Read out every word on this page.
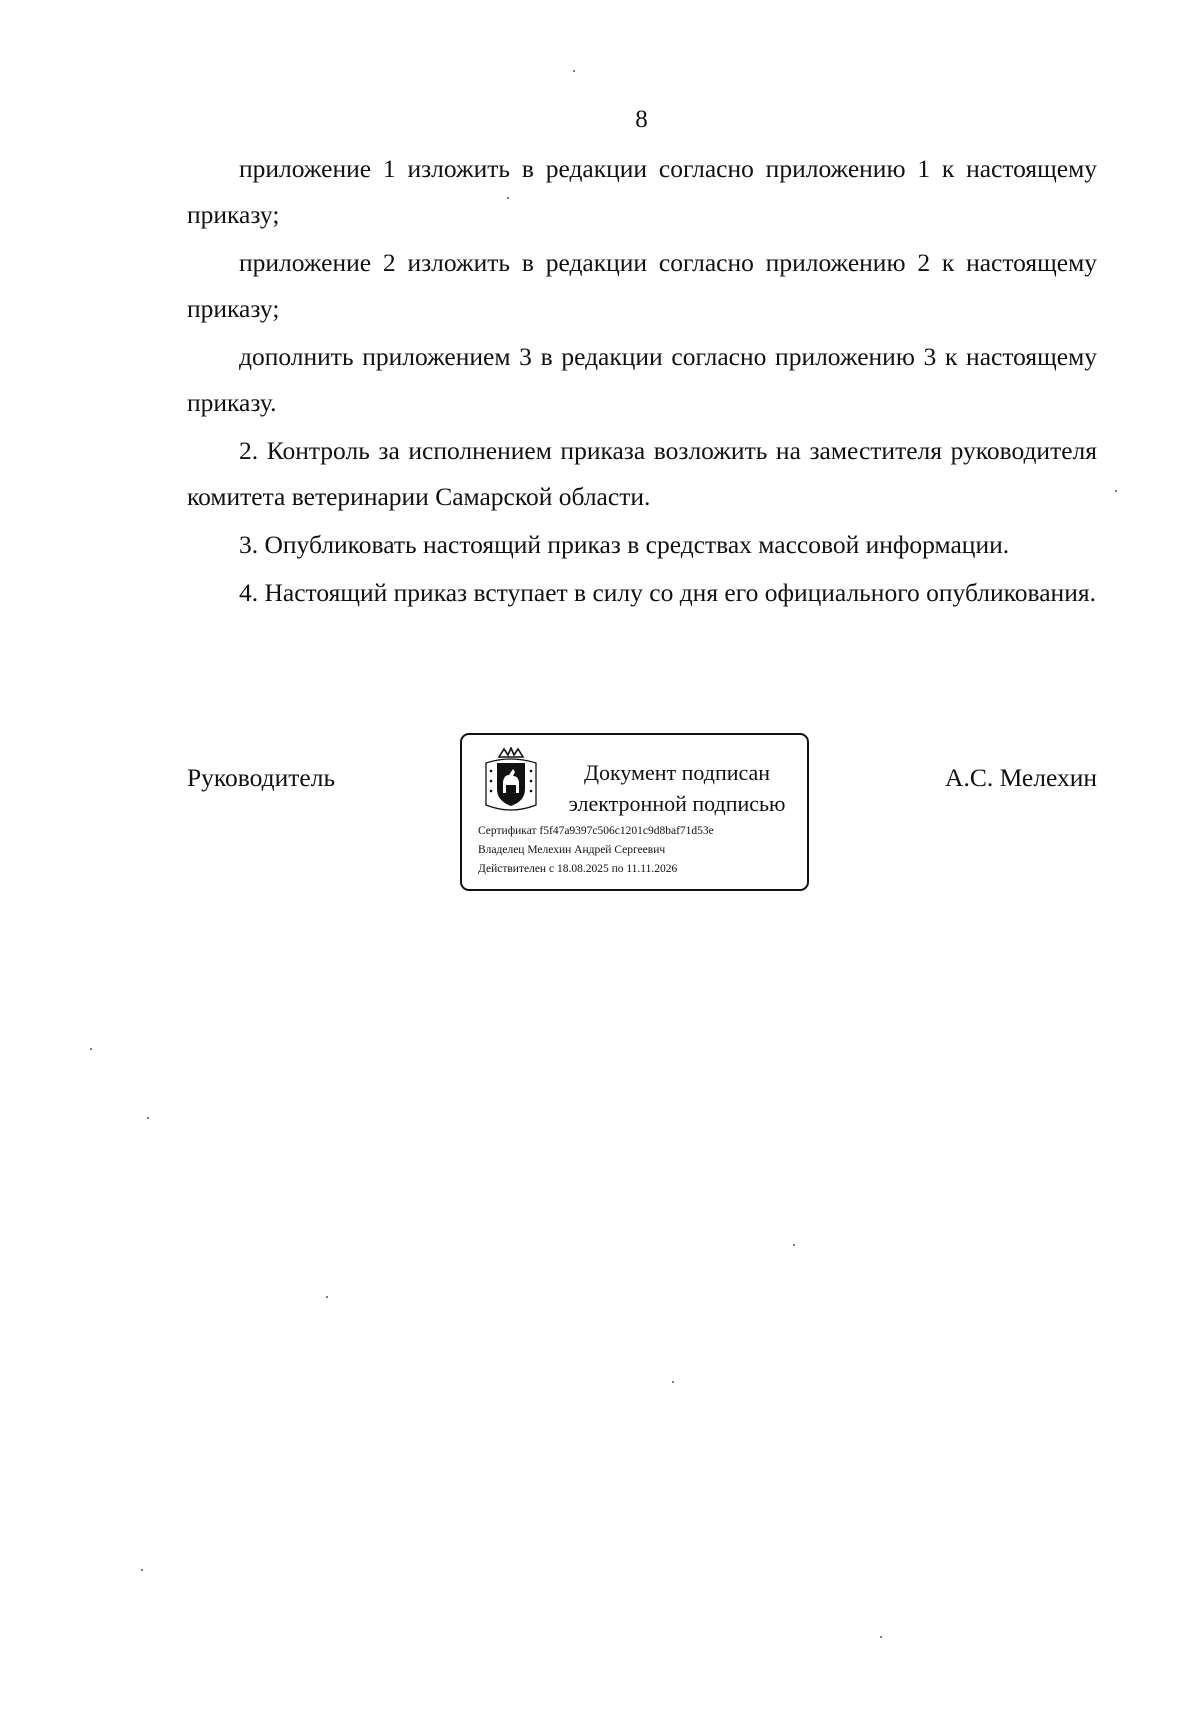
8

приложение 1 изложить в редакции согласно приложению 1 к настоящему приказу;

приложение 2 изложить в редакции согласно приложению 2 к настоящему приказу;

дополнить приложением 3 в редакции согласно приложению 3 к настоящему приказу.

2. Контроль за исполнением приказа возложить на заместителя руководителя комитета ветеринарии Самарской области.

3. Опубликовать настоящий приказ в средствах массовой информации.

4. Настоящий приказ вступает в силу со дня его официального опубликования.

Руководитель	Документ подписан
электронной подписью
Сертификат f5f47a9397c506c1201c9d8baf71d53e
Владелец Мелехин Андрей Сергеевич
Действителен с 18.08.2025 по 11.11.2026
А.С. Мелехин
